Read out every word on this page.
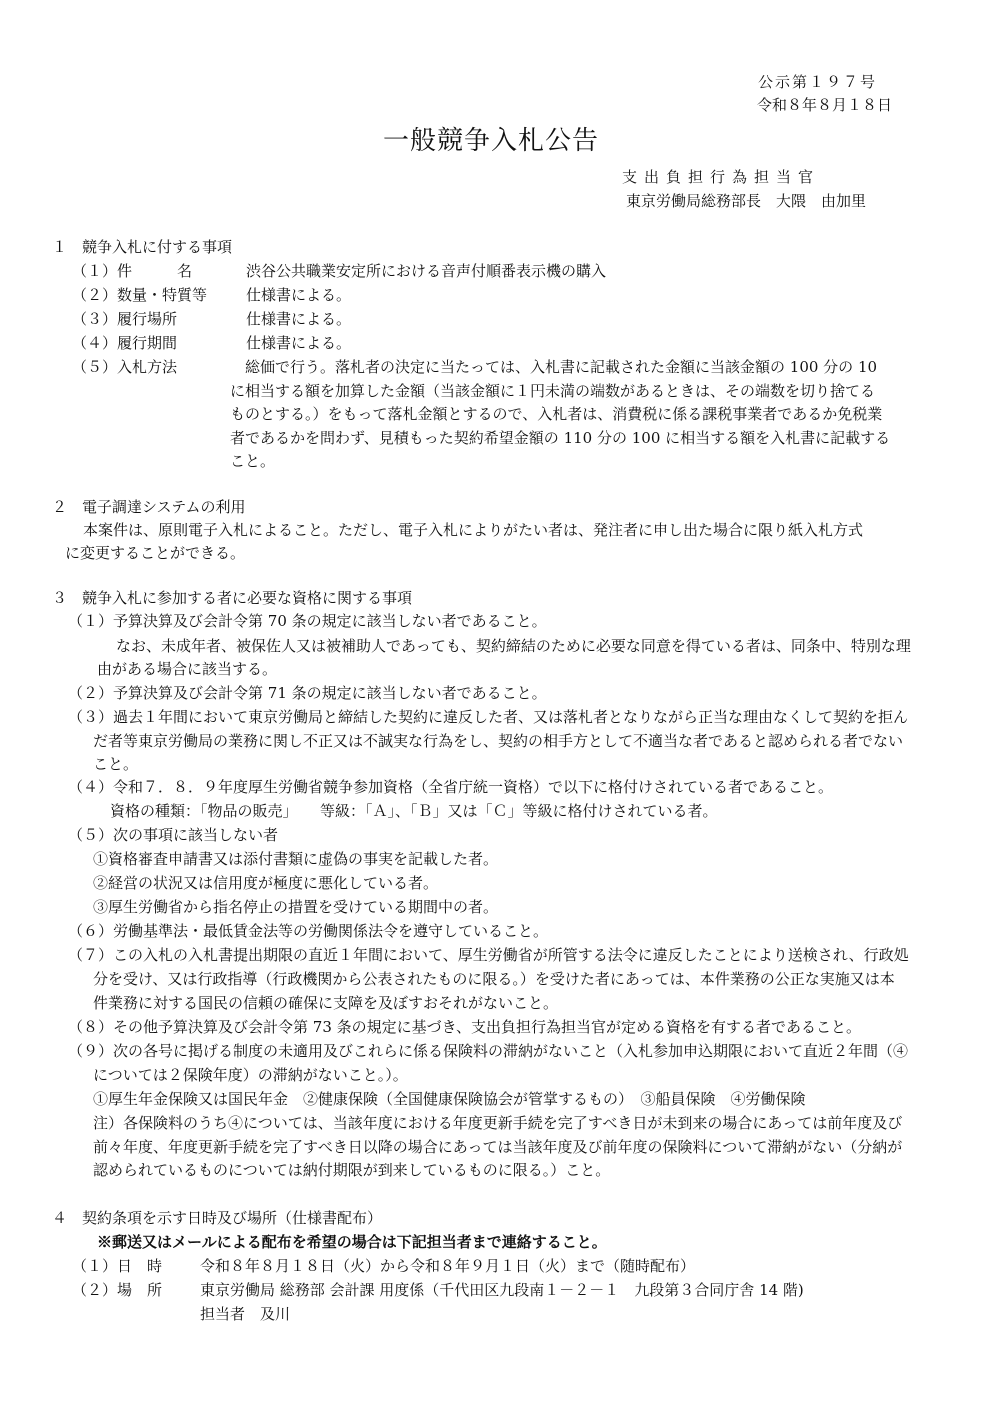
公示第１９７号
令和８年８月１８日
一般競争入札公告
支出負担行為担当官
東京労働局総務部長　大隈　由加里
１　競争入札に付する事項
（１）件　　　名	渋谷公共職業安定所における音声付順番表示機の購入
（２）数量・特質等	仕様書による。
（３）履行場所	仕様書による。
（４）履行期間	仕様書による。
（５）入札方法	　総価で行う。落札者の決定に当たっては、入札書に記載された金額に当該金額の 100 分の 10
に相当する額を加算した金額（当該金額に１円未満の端数があるときは、その端数を切り捨てる
ものとする。）をもって落札金額とするので、入札者は、消費税に係る課税事業者であるか免税業
者であるかを問わず、見積もった契約希望金額の 110 分の 100 に相当する額を入札書に記載する
こと。
２　電子調達システムの利用
本案件は、原則電子入札によること。ただし、電子入札によりがたい者は、発注者に申し出た場合に限り紙入札方式
に変更することができる。
３　競争入札に参加する者に必要な資格に関する事項
（１）予算決算及び会計令第 70 条の規定に該当しない者であること。
なお、未成年者、被保佐人又は被補助人であっても、契約締結のために必要な同意を得ている者は、同条中、特別な理
由がある場合に該当する。
（２）予算決算及び会計令第 71 条の規定に該当しない者であること。
（３）過去１年間において東京労働局と締結した契約に違反した者、又は落札者となりながら正当な理由なくして契約を拒ん
だ者等東京労働局の業務に関し不正又は不誠実な行為をし、契約の相手方として不適当な者であると認められる者でない
こと。
（４）令和７．８．９年度厚生労働省競争参加資格（全省庁統一資格）で以下に格付けされている者であること。
資格の種類：「物品の販売」　　等級：「Ａ」、「Ｂ」又は「Ｃ」等級に格付けされている者。
（５）次の事項に該当しない者
①資格審査申請書又は添付書類に虚偽の事実を記載した者。
②経営の状況又は信用度が極度に悪化している者。
③厚生労働省から指名停止の措置を受けている期間中の者。
（６）労働基準法・最低賃金法等の労働関係法令を遵守していること。
（７）この入札の入札書提出期限の直近１年間において、厚生労働省が所管する法令に違反したことにより送検され、行政処
分を受け、又は行政指導（行政機関から公表されたものに限る。）を受けた者にあっては、本件業務の公正な実施又は本
件業務に対する国民の信頼の確保に支障を及ぼすおそれがないこと。
（８）その他予算決算及び会計令第 73 条の規定に基づき、支出負担行為担当官が定める資格を有する者であること。
（９）次の各号に掲げる制度の未適用及びこれらに係る保険料の滞納がないこと（入札参加申込期限において直近２年間（④
については２保険年度）の滞納がないこと。）。
①厚生年金保険又は国民年金　②健康保険（全国健康保険協会が管掌するもの）　③船員保険　④労働保険
注）各保険料のうち④については、当該年度における年度更新手続を完了すべき日が未到来の場合にあっては前年度及び
前々年度、年度更新手続を完了すべき日以降の場合にあっては当該年度及び前年度の保険料について滞納がない（分納が
認められているものについては納付期限が到来しているものに限る。）こと。
４　契約条項を示す日時及び場所（仕様書配布）
※郵送又はメールによる配布を希望の場合は下記担当者まで連絡すること。
（１）日　時	令和８年８月１８日（火）から令和８年９月１日（火）まで（随時配布）
（２）場　所	東京労働局 総務部 会計課 用度係（千代田区九段南１－２－１　九段第３合同庁舎 14 階)
担当者　及川
